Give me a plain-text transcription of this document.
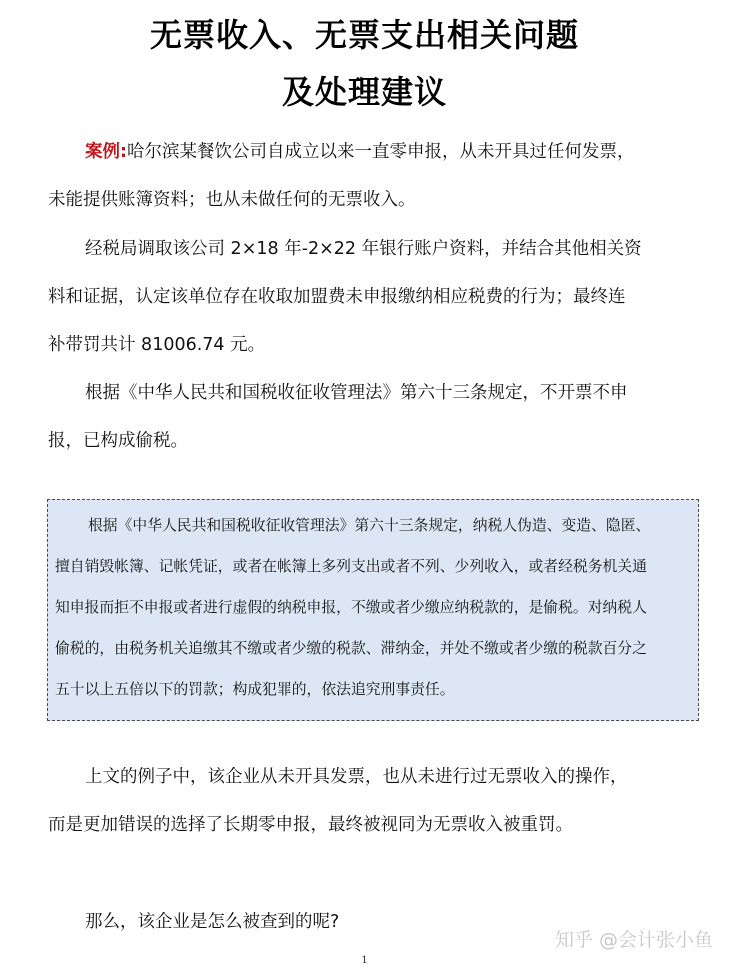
无票收入、无票支出相关问题
及处理建议
案例:哈尔滨某餐饮公司自成立以来一直零申报，从未开具过任何发票，
未能提供账簿资料；也从未做任何的无票收入。
经税局调取该公司 2×18 年-2×22 年银行账户资料，并结合其他相关资
料和证据，认定该单位存在收取加盟费未申报缴纳相应税费的行为；最终连
补带罚共计 81006.74 元。
根据《中华人民共和国税收征收管理法》第六十三条规定，不开票不申
报，已构成偷税。
根据《中华人民共和国税收征收管理法》第六十三条规定，纳税人伪造、变造、隐匿、
擅自销毁帐簿、记帐凭证，或者在帐簿上多列支出或者不列、少列收入，或者经税务机关通
知申报而拒不申报或者进行虚假的纳税申报，不缴或者少缴应纳税款的，是偷税。对纳税人
偷税的，由税务机关追缴其不缴或者少缴的税款、滞纳金，并处不缴或者少缴的税款百分之
五十以上五倍以下的罚款；构成犯罪的，依法追究刑事责任。
上文的例子中，该企业从未开具发票，也从未进行过无票收入的操作，
而是更加错误的选择了长期零申报，最终被视同为无票收入被重罚。
那么，该企业是怎么被查到的呢?
知乎 @会计张小鱼
1
